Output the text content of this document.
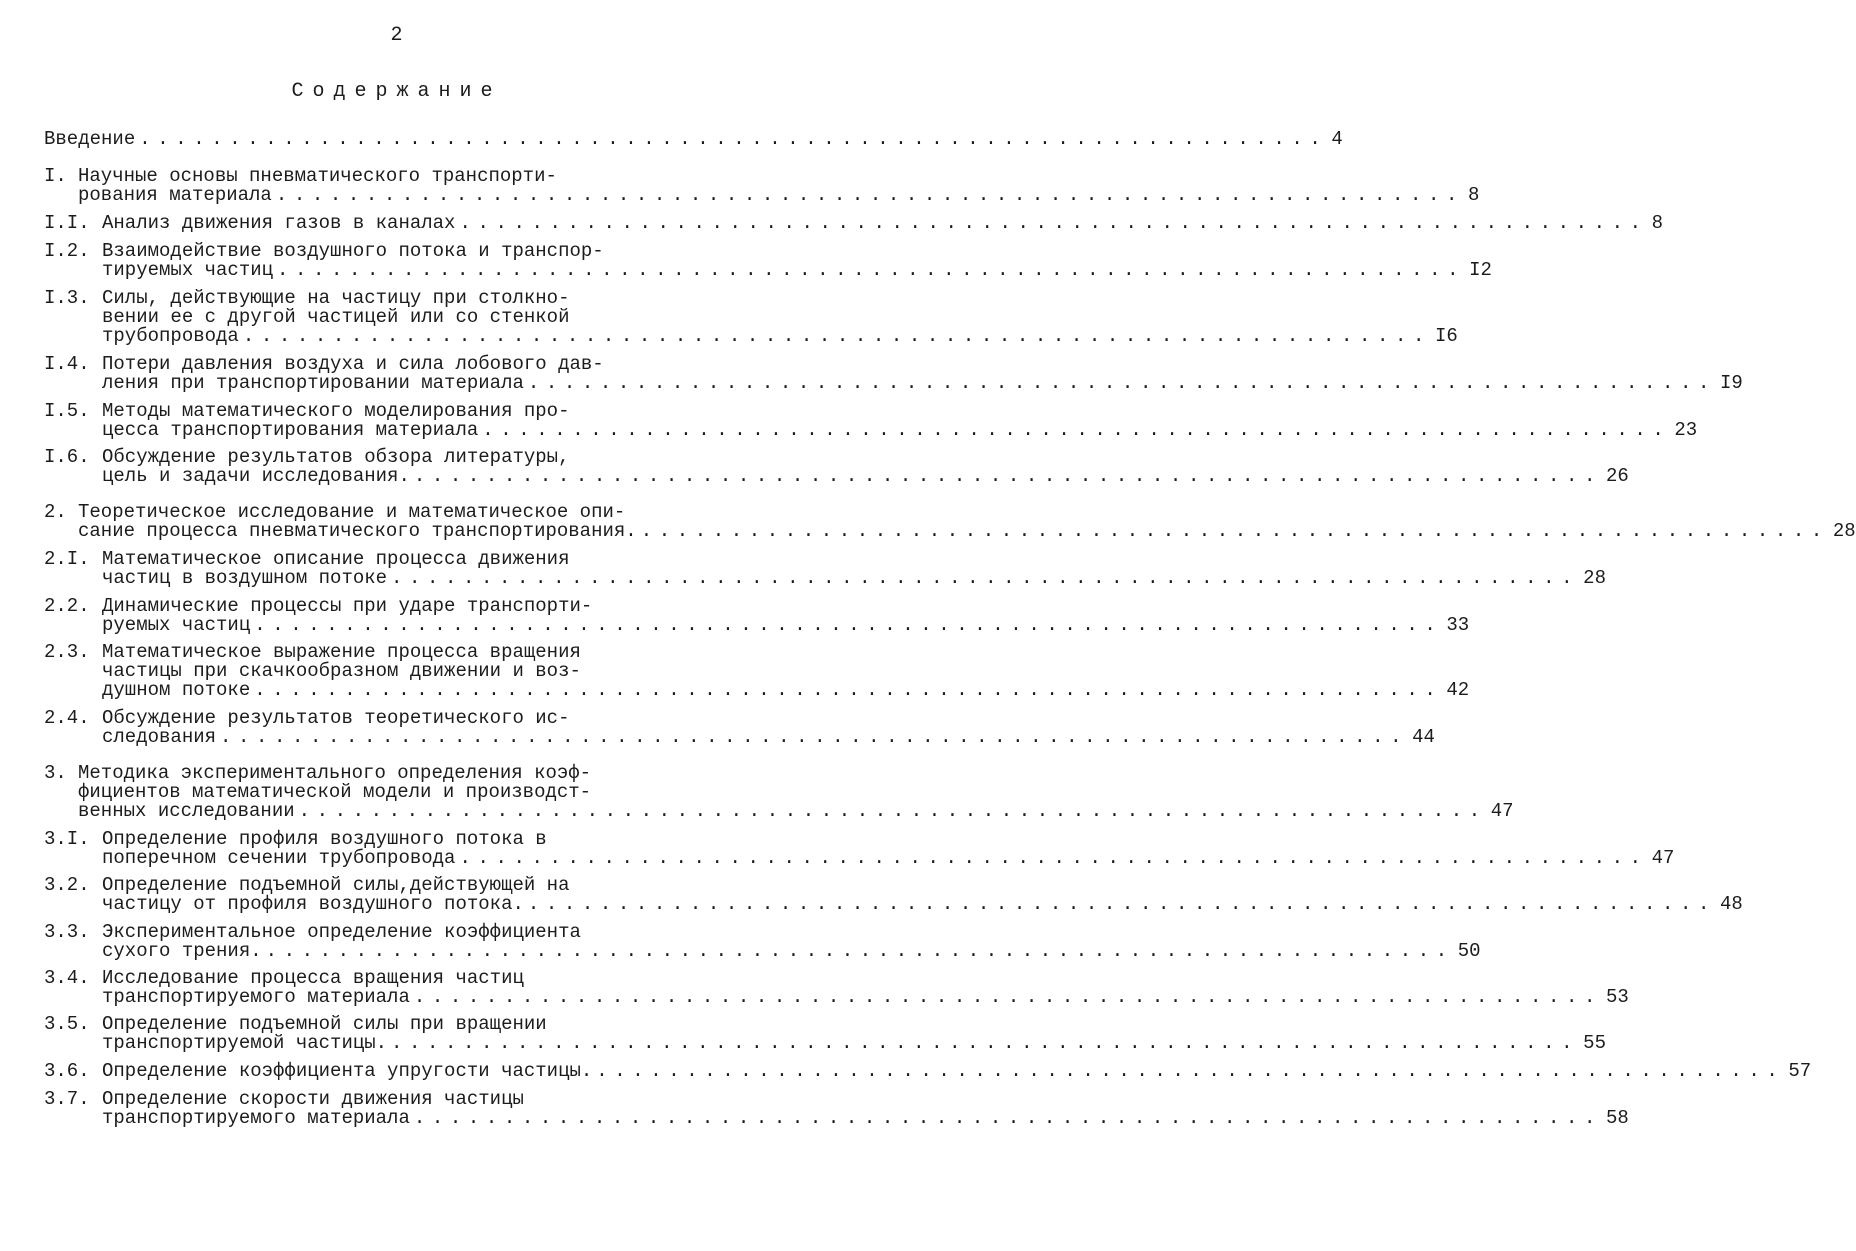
2
Содержание
Введение .................................................................. 4
I. Научные основы пневматического транспорти-
рования материала .................................................................. 8
I.I. Анализ движения газов в каналах .................................................................. 8
I.2. Взаимодействие воздушного потока и транспор-
тируемых частиц .................................................................. I2
I.3. Силы, действующие на частицу при столкно-
вении ее с другой частицей или со стенкой
трубопровода .................................................................. I6
I.4. Потери давления воздуха и сила лобового дав-
ления при транспортировании материала .................................................................. I9
I.5. Методы математического моделирования про-
цесса транспортирования материала .................................................................. 23
I.6. Обсуждение результатов обзора литературы,
цель и задачи исследования. .................................................................. 26
2. Теоретическое исследование и математическое опи-
сание процесса пневматического транспортирования. .................................................................. 28
2.I. Математическое описание процесса движения
частиц в воздушном потоке .................................................................. 28
2.2. Динамические процессы при ударе транспорти-
руемых частиц .................................................................. 33
2.3. Математическое выражение процесса вращения
частицы при скачкообразном движении и воз-
душном потоке .................................................................. 42
2.4. Обсуждение результатов теоретического ис-
следования .................................................................. 44
3. Методика экспериментального определения коэф-
фициентов математической модели и производст-
венных исследовании .................................................................. 47
3.I. Определение профиля воздушного потока в
поперечном сечении трубопровода .................................................................. 47
3.2. Определение подъемной силы,действующей на
частицу от профиля воздушного потока. .................................................................. 48
3.3. Экспериментальное определение коэффициента
сухого трения. .................................................................. 50
3.4. Исследование процесса вращения частиц
транспортируемого материала .................................................................. 53
3.5. Определение подъемной силы при вращении
транспортируемой частицы. .................................................................. 55
3.6. Определение коэффициента упругости частицы. .................................................................. 57
3.7. Определение скорости движения частицы
транспортируемого материала .................................................................. 58
